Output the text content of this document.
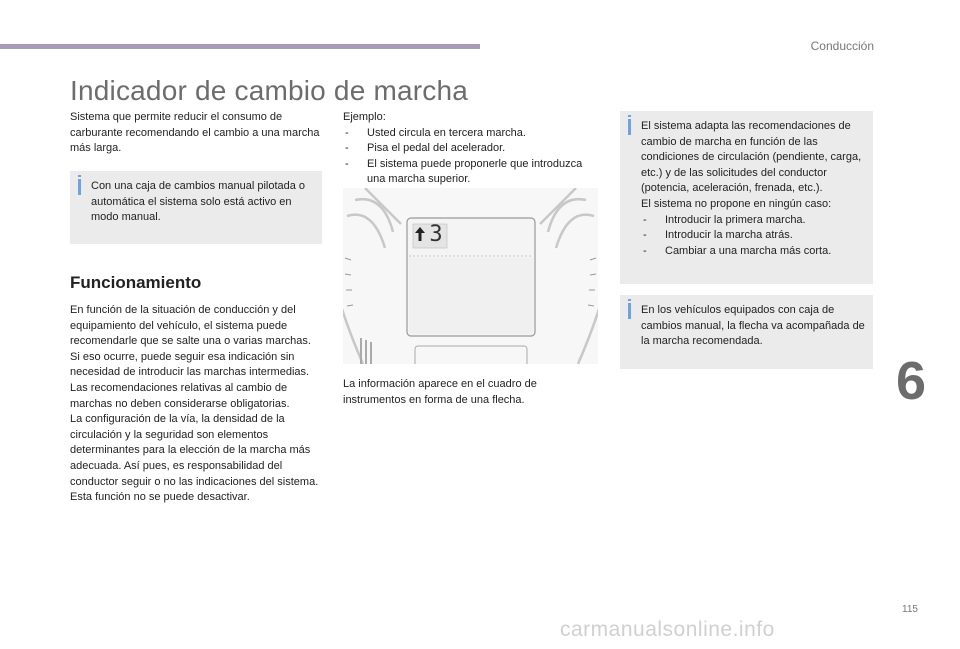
Conducción
Indicador de cambio de marcha

Sistema que permite reducir el consumo de carburante recomendando el cambio a una marcha más larga.

Con una caja de cambios manual pilotada o automática el sistema solo está activo en modo manual.
Funcionamiento

En función de la situación de conducción y del equipamiento del vehículo, el sistema puede recomendarle que se salte una o varias marchas. Si eso ocurre, puede seguir esa indicación sin necesidad de introducir las marchas intermedias.

Las recomendaciones relativas al cambio de marchas no deben considerarse obligatorias.

La configuración de la vía, la densidad de la circulación y la seguridad son elementos determinantes para la elección de la marcha más adecuada. Así pues, es responsabilidad del conductor seguir o no las indicaciones del sistema.

Esta función no se puede desactivar.

Ejemplo:

- Usted circula en tercera marcha.
- Pisa el pedal del acelerador.
- El sistema puede proponerle que introduzca una marcha superior.
3

La información aparece en el cuadro de instrumentos en forma de una flecha.

El sistema adapta las recomendaciones de cambio de marcha en función de las condiciones de circulación (pendiente, carga, etc.) y de las solicitudes del conductor (potencia, aceleración, frenada, etc.).

El sistema no propone en ningún caso:

- Introducir la primera marcha.
- Introducir la marcha atrás.
- Cambiar a una marcha más corta.
En los vehículos equipados con caja de cambios manual, la flecha va acompañada de la marcha recomendada.
6
115
carmanualsonline.info
